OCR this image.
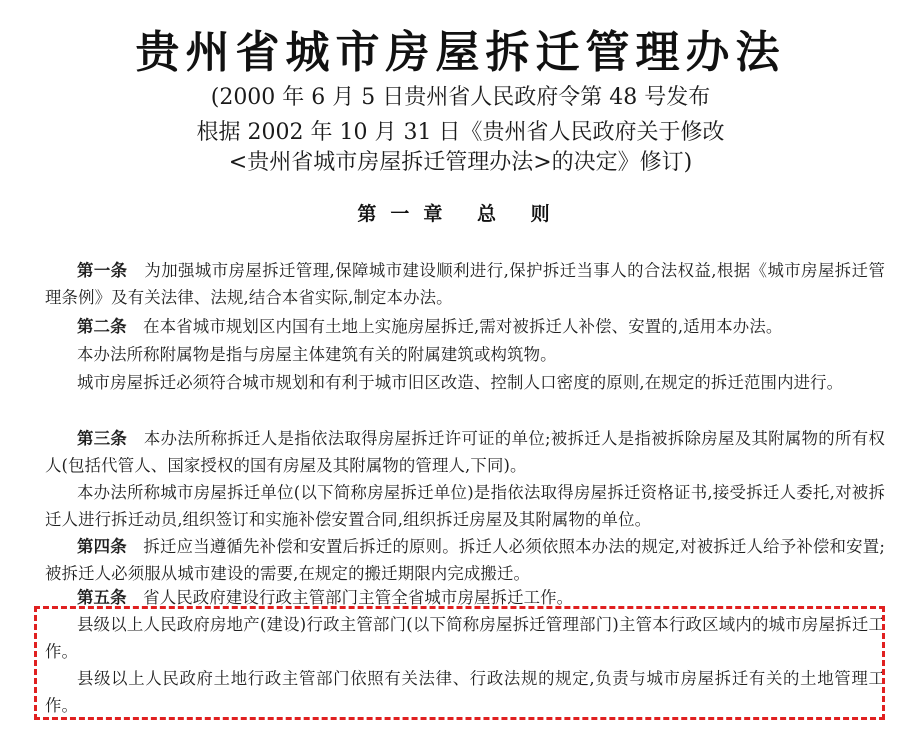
贵州省城市房屋拆迁管理办法
(2000 年 6 月 5 日贵州省人民政府令第 48 号发布
根据 2002 年 10 月 31 日《贵州省人民政府关于修改
<贵州省城市房屋拆迁管理办法>的决定》修订)
第一章 总 则
第一条　 为加强城市房屋拆迁管理,保障城市建设顺利进行,保护拆迁当事人的合法权益,根据《城市房屋拆迁管理条例》及有关法律、法规,结合本省实际,制定本办法。
第二条　 在本省城市规划区内国有土地上实施房屋拆迁,需对被拆迁人补偿、安置的,适用本办法。
本办法所称附属物是指与房屋主体建筑有关的附属建筑或构筑物。
城市房屋拆迁必须符合城市规划和有利于城市旧区改造、控制人口密度的原则,在规定的拆迁范围内进行。
第三条　 本办法所称拆迁人是指依法取得房屋拆迁许可证的单位;被拆迁人是指被拆除房屋及其附属物的所有权人(包括代管人、国家授权的国有房屋及其附属物的管理人,下同)。
本办法所称城市房屋拆迁单位(以下简称房屋拆迁单位)是指依法取得房屋拆迁资格证书,接受拆迁人委托,对被拆迁人进行拆迁动员,组织签订和实施补偿安置合同,组织拆迁房屋及其附属物的单位。
第四条　 拆迁应当遵循先补偿和安置后拆迁的原则。拆迁人必须依照本办法的规定,对被拆迁人给予补偿和安置;被拆迁人必须服从城市建设的需要,在规定的搬迁期限内完成搬迁。
第五条　 省人民政府建设行政主管部门主管全省城市房屋拆迁工作。
县级以上人民政府房地产(建设)行政主管部门(以下简称房屋拆迁管理部门)主管本行政区域内的城市房屋拆迁工作。
县级以上人民政府土地行政主管部门依照有关法律、行政法规的规定,负责与城市房屋拆迁有关的土地管理工作。
